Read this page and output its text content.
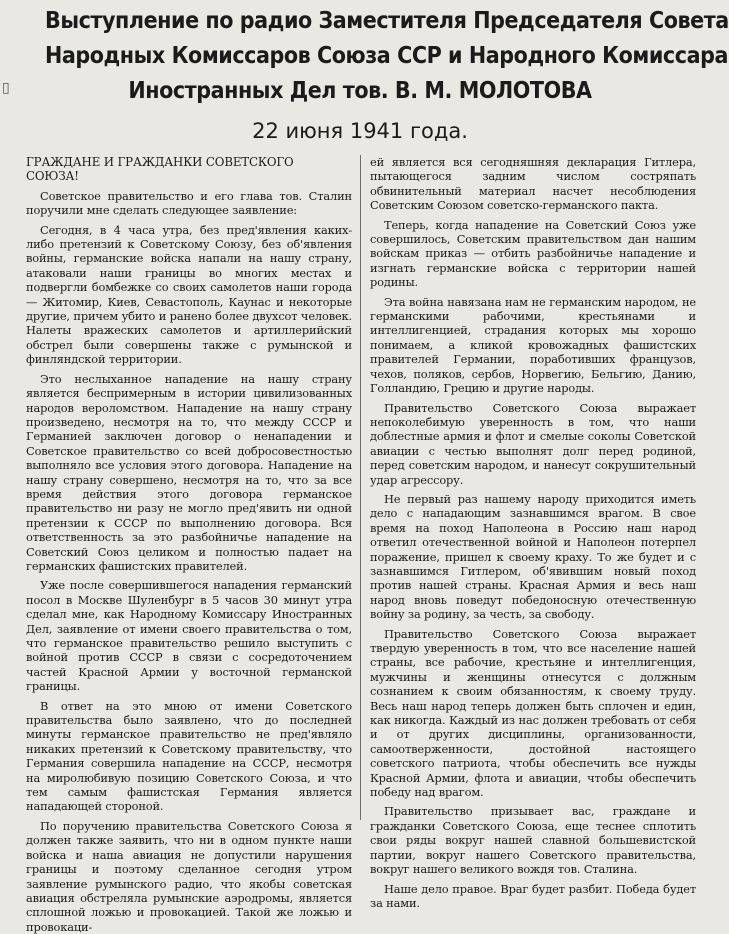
▯
Выступление по радио Заместителя Председателя Совета
Народных Комиссаров Союза ССР и Народного Комиссара
Иностранных Дел тов. В. М. МОЛОТОВА
22 июня 1941 года.
ГРАЖДАНЕ И ГРАЖДАНКИ СОВЕТСКОГО
СОЮЗА!

Советское правительство и его глава тов. Сталин поручили мне сделать следующее заявление:

Сегодня, в 4 часа утра, без пред'явления каких-либо претензий к Советскому Союзу, без об'явления войны, германские войска напали на нашу страну, атаковали наши границы во многих местах и подвергли бомбежке со своих самолетов наши города — Житомир, Киев, Севастополь, Каунас и некоторые другие, причем убито и ранено более двухсот человек. Налеты вражеских самолетов и артиллерийский обстрел были совершены также с румынской и финляндской территории.

Это неслыханное нападение на нашу страну является беспримерным в истории цивилизованных народов вероломством. Нападение на нашу страну произведено, несмотря на то, что между СССР и Германией заключен договор о ненападении и Советское правительство со всей добросовестностью выполняло все условия этого договора. Нападение на нашу страну совершено, несмотря на то, что за все время действия этого договора германское правительство ни разу не могло пред'явить ни одной претензии к СССР по выполнению договора. Вся ответственность за это разбойничье нападение на Советский Союз целиком и полностью падает на германских фашистских правителей.

Уже после совершившегося нападения германский посол в Москве Шуленбург в 5 часов 30 минут утра сделал мне, как Народному Комиссару Иностранных Дел, заявление от имени своего правительства о том, что германское правительство решило выступить с войной против СССР в связи с сосредоточением частей Красной Армии у восточной германской границы.

В ответ на это мною от имени Советского правительства было заявлено, что до последней минуты германское правительство не пред'являло никаких претензий к Советскому правительству, что Германия совершила нападение на СССР, несмотря на миролюбивую позицию Советского Союза, и что тем самым фашистская Германия является нападающей стороной.

По поручению правительства Советского Союза я должен также заявить, что ни в одном пункте наши войска и наша авиация не допустили нарушения границы и поэтому сделанное сегодня утром заявление румынского радио, что якобы советская авиация обстреляла румынские аэродромы, является сплошной ложью и провокацией. Такой же ложью и провокаци-

ей является вся сегодняшняя декларация Гитлера, пытающегося задним числом состряпать обвинительный материал насчет несоблюдения Советским Союзом советско-германского пакта.

Теперь, когда нападение на Советский Союз уже совершилось, Советским правительством дан нашим войскам приказ — отбить разбойничье нападение и изгнать германские войска с территории нашей родины.

Эта война навязана нам не германским народом, не германскими рабочими, крестьянами и интеллигенцией, страдания которых мы хорошо понимаем, а кликой кровожадных фашистских правителей Германии, поработивших французов, чехов, поляков, сербов, Норвегию, Бельгию, Данию, Голландию, Грецию и другие народы.

Правительство Советского Союза выражает непоколебимую уверенность в том, что наши доблестные армия и флот и смелые соколы Советской авиации с честью выполнят долг перед родиной, перед советским народом, и нанесут сокрушительный удар агрессору.

Не первый раз нашему народу приходится иметь дело с нападающим зазнавшимся врагом. В свое время на поход Наполеона в Россию наш народ ответил отечественной войной и Наполеон потерпел поражение, пришел к своему краху. То же будет и с зазнавшимся Гитлером, об'явившим новый поход против нашей страны. Красная Армия и весь наш народ вновь поведут победоносную отечественную войну за родину, за честь, за свободу.

Правительство Советского Союза выражает твердую уверенность в том, что все население нашей страны, все рабочие, крестьяне и интеллигенция, мужчины и женщины отнесутся с должным сознанием к своим обязанностям, к своему труду. Весь наш народ теперь должен быть сплочен и един, как никогда. Каждый из нас должен требовать от себя и от других дисциплины, организованности, самоотверженности, достойной настоящего советского патриота, чтобы обеспечить все нужды Красной Армии, флота и авиации, чтобы обеспечить победу над врагом.

Правительство призывает вас, граждане и гражданки Советского Союза, еще теснее сплотить свои ряды вокруг нашей славной большевистской партии, вокруг нашего Советского правительства, вокруг нашего великого вождя тов. Сталина.

Наше дело правое. Враг будет разбит. Победа будет за нами.
